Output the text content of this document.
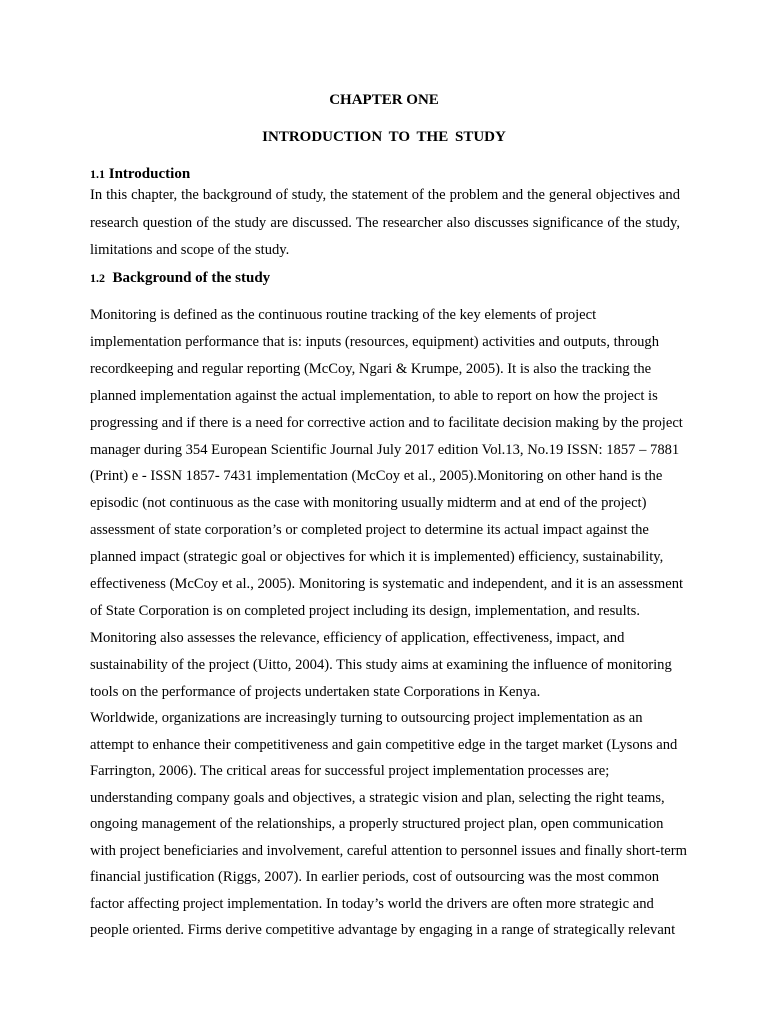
CHAPTER ONE
INTRODUCTION TO THE STUDY
1.1 Introduction

In this chapter, the background of study, the statement of the problem and the general objectives and research question of the study are discussed. The researcher also discusses significance of the study, limitations and scope of the study.

1.2 Background of the study

Monitoring is defined as the continuous routine tracking of the key elements of project
implementation performance that is: inputs (resources, equipment) activities and outputs, through
recordkeeping and regular reporting (McCoy, Ngari & Krumpe, 2005). It is also the tracking the
planned implementation against the actual implementation, to able to report on how the project is
progressing and if there is a need for corrective action and to facilitate decision making by the project
manager during 354 European Scientific Journal July 2017 edition Vol.13, No.19 ISSN: 1857 – 7881
(Print) e - ISSN 1857- 7431 implementation (McCoy et al., 2005).Monitoring on other hand is the
episodic (not continuous as the case with monitoring usually midterm and at end of the project)
assessment of state corporation’s or completed project to determine its actual impact against the
planned impact (strategic goal or objectives for which it is implemented) efficiency, sustainability,
effectiveness (McCoy et al., 2005). Monitoring is systematic and independent, and it is an assessment
of State Corporation is on completed project including its design, implementation, and results.
Monitoring also assesses the relevance, efficiency of application, effectiveness, impact, and
sustainability of the project (Uitto, 2004). This study aims at examining the influence of monitoring
tools on the performance of projects undertaken state Corporations in Kenya.

Worldwide, organizations are increasingly turning to outsourcing project implementation as an
attempt to enhance their competitiveness and gain competitive edge in the target market (Lysons and
Farrington, 2006). The critical areas for successful project implementation processes are;
understanding company goals and objectives, a strategic vision and plan, selecting the right teams,
ongoing management of the relationships, a properly structured project plan, open communication
with project beneficiaries and involvement, careful attention to personnel issues and finally short-term
financial justification (Riggs, 2007). In earlier periods, cost of outsourcing was the most common
factor affecting project implementation. In today’s world the drivers are often more strategic and
people oriented. Firms derive competitive advantage by engaging in a range of strategically relevant
